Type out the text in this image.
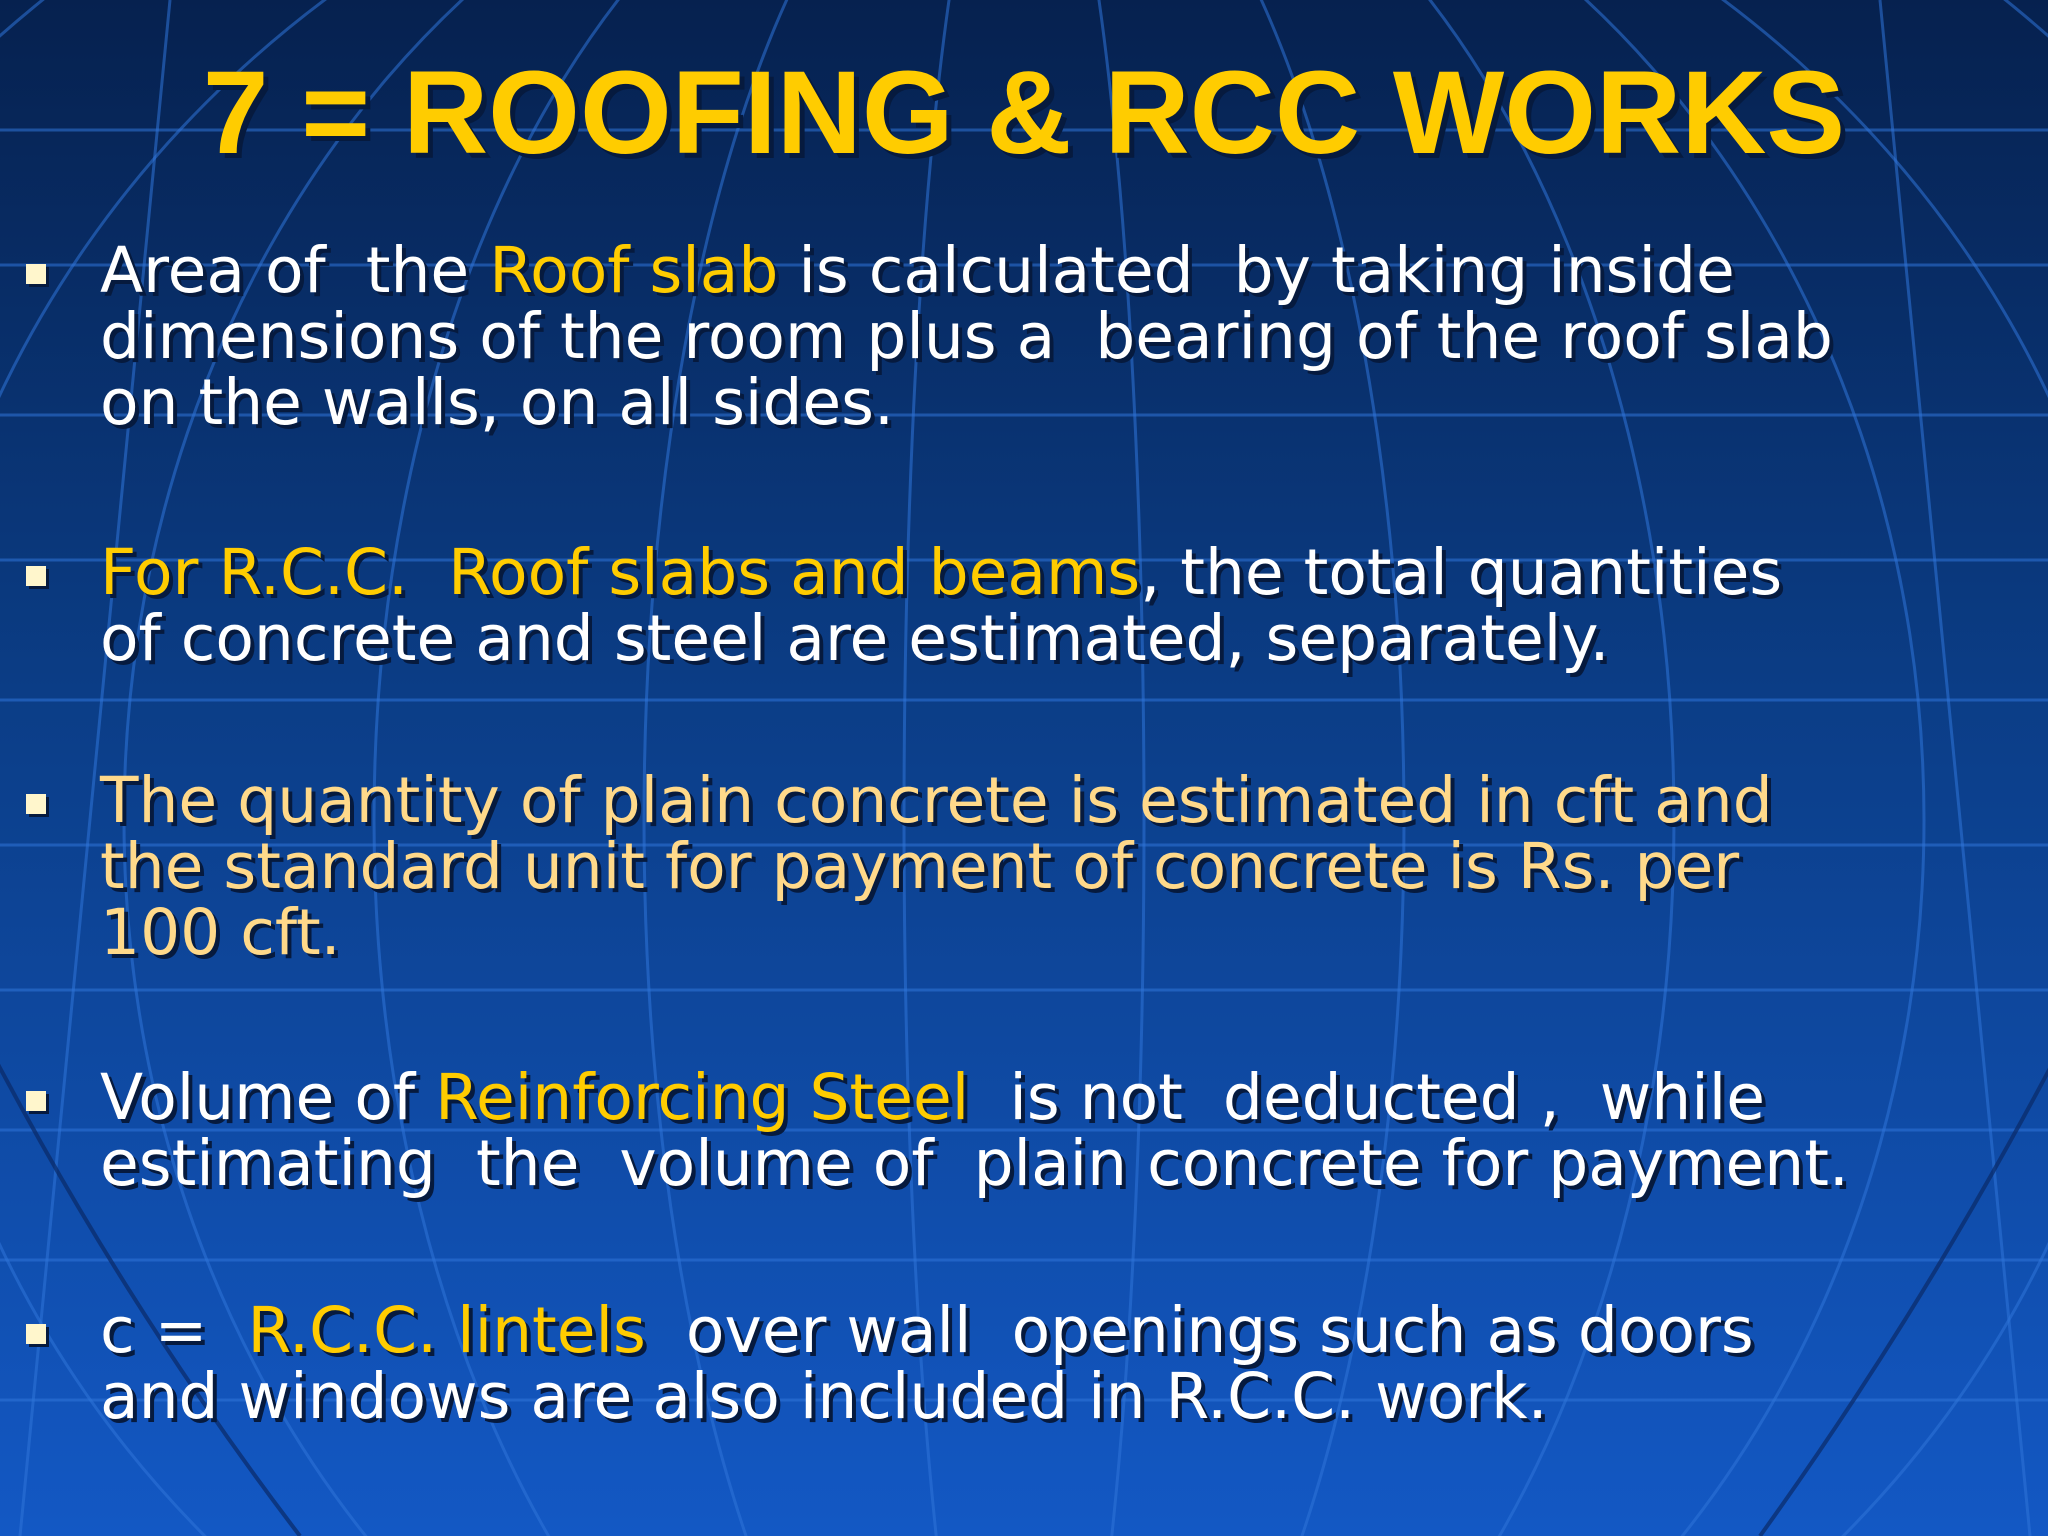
7 = ROOFING & RCC WORKS
Area of  the Roof slab is calculated  by taking inside
dimensions of the room plus a  bearing of the roof slab
on the walls, on all sides.
For R.C.C.  Roof slabs and beams, the total quantities
of concrete and steel are estimated, separately.
The quantity of plain concrete is estimated in cft and
the standard unit for payment of concrete is Rs. per
100 cft.
Volume of Reinforcing Steel  is not  deducted ,  while
estimating  the  volume of  plain concrete for payment.
c =  R.C.C. lintels  over wall  openings such as doors
and windows are also included in R.C.C. work.
